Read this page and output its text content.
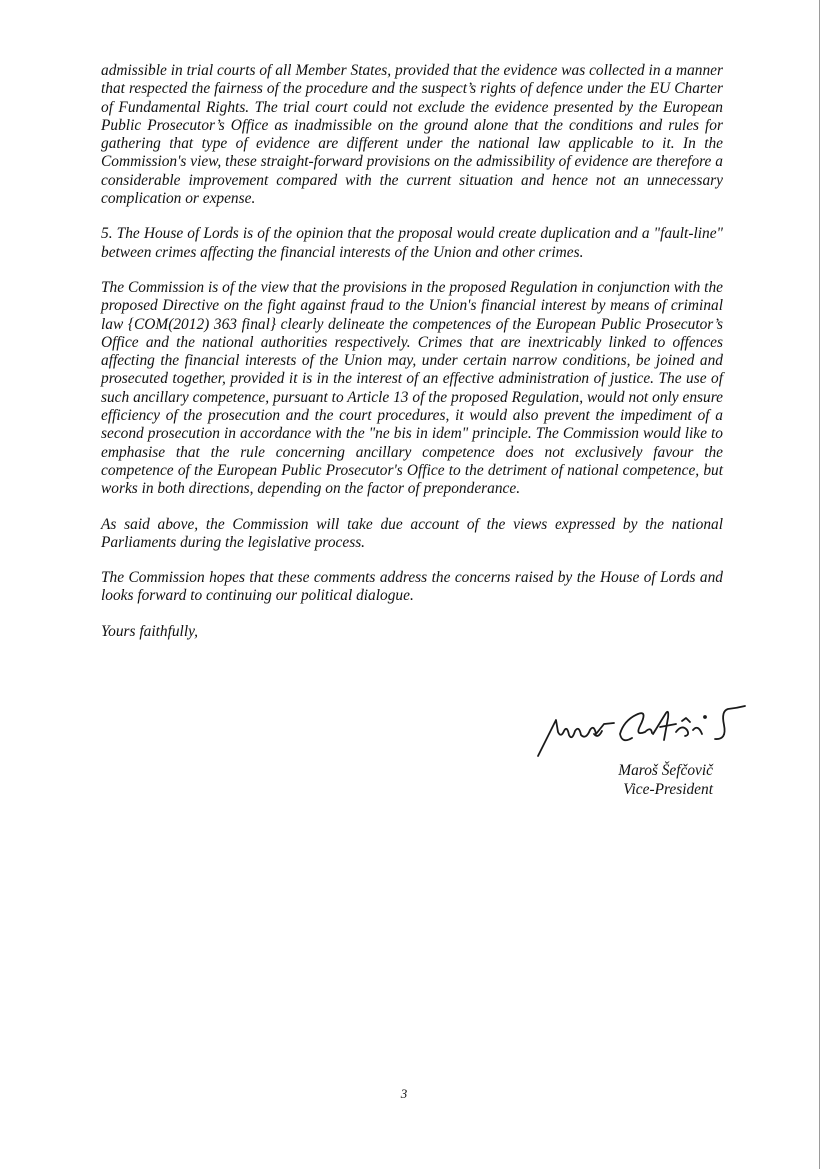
admissible in trial courts of all Member States, provided that the evidence was collected in a manner that respected the fairness of the procedure and the suspect’s rights of defence under the EU Charter of Fundamental Rights. The trial court could not exclude the evidence presented by the European Public Prosecutor’s Office as inadmissible on the ground alone that the conditions and rules for gathering that type of evidence are different under the national law applicable to it. In the Commission's view, these straight-forward provisions on the admissibility of evidence are therefore a considerable improvement compared with the current situation and hence not an unnecessary complication or expense.

5. The House of Lords is of the opinion that the proposal would create duplication and a "fault-line" between crimes affecting the financial interests of the Union and other crimes.

The Commission is of the view that the provisions in the proposed Regulation in conjunction with the proposed Directive on the fight against fraud to the Union's financial interest by means of criminal law {COM(2012) 363 final} clearly delineate the competences of the European Public Prosecutor’s Office and the national authorities respectively. Crimes that are inextricably linked to offences affecting the financial interests of the Union may, under certain narrow conditions, be joined and prosecuted together, provided it is in the interest of an effective administration of justice. The use of such ancillary competence, pursuant to Article 13 of the proposed Regulation, would not only ensure efficiency of the prosecution and the court procedures, it would also prevent the impediment of a second prosecution in accordance with the "ne bis in idem" principle. The Commission would like to emphasise that the rule concerning ancillary competence does not exclusively favour the competence of the European Public Prosecutor's Office to the detriment of national competence, but works in both directions, depending on the factor of preponderance.

As said above, the Commission will take due account of the views expressed by the national Parliaments during the legislative process.

The Commission hopes that these comments address the concerns raised by the House of Lords and looks forward to continuing our political dialogue.

Yours faithfully,

Maroš Šefčovič
Vice-President
3
